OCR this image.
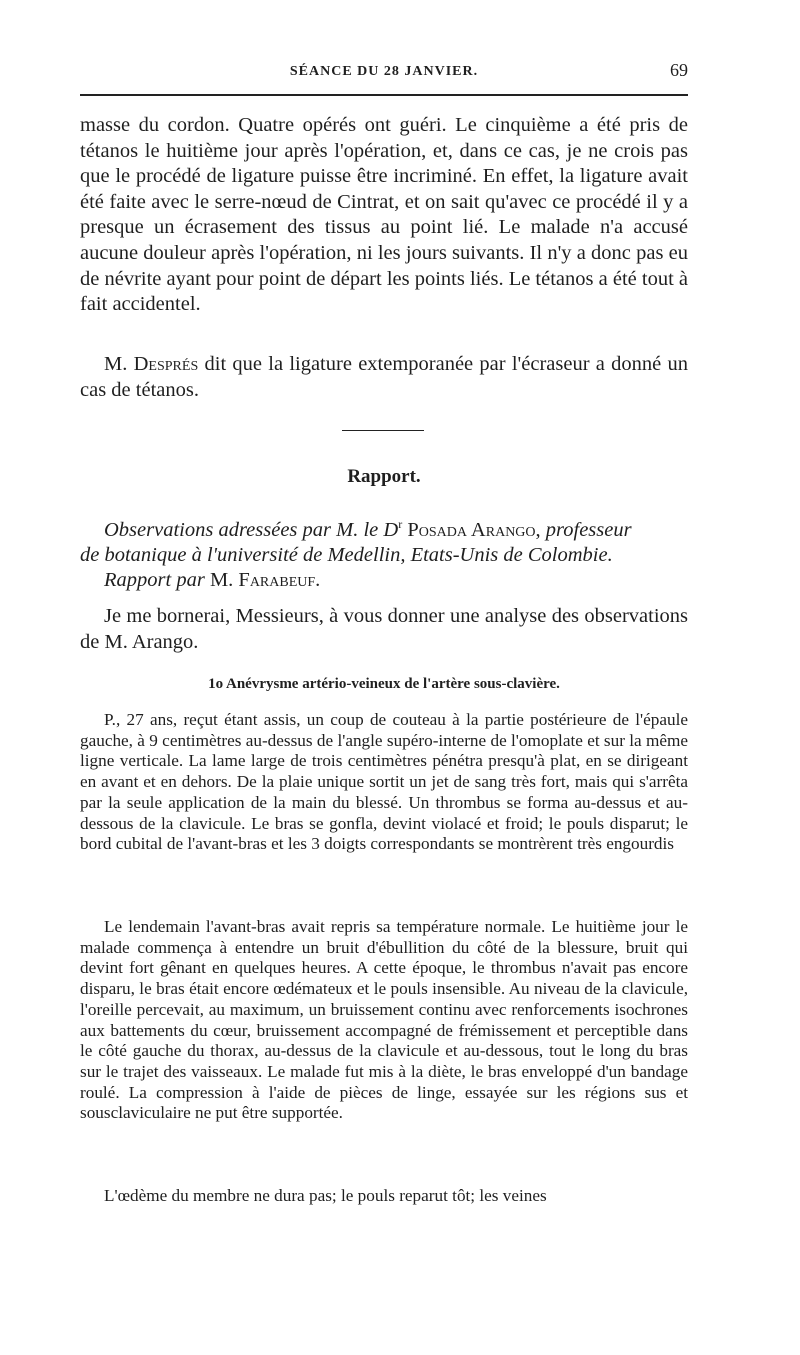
SÉANCE DU 28 JANVIER.	69

masse du cordon. Quatre opérés ont guéri. Le cinquième a été pris de tétanos le huitième jour après l'opération, et, dans ce cas, je ne crois pas que le procédé de ligature puisse être incriminé. En effet, la ligature avait été faite avec le serre-nœud de Cintrat, et on sait qu'avec ce procédé il y a presque un écrasement des tissus au point lié. Le malade n'a accusé aucune douleur après l'opération, ni les jours suivants. Il n'y a donc pas eu de névrite ayant pour point de départ les points liés. Le tétanos a été tout à fait accidentel.

M. Després dit que la ligature extemporanée par l'écraseur a donné un cas de tétanos.

Rapport.
Observations adressées par M. le $D^r$ Posada Arango, professeur
de botanique à l'université de Medellin, Etats-Unis de Colombie.
Rapport par M. Farabeuf.

Je me bornerai, Messieurs, à vous donner une analyse des observations de M. Arango.

1o Anévrysme artério-veineux de l'artère sous-clavière.

P., 27 ans, reçut étant assis, un coup de couteau à la partie postérieure de l'épaule gauche, à 9 centimètres au-dessus de l'angle supéro-interne de l'omoplate et sur la même ligne verticale. La lame large de trois centimètres pénétra presqu'à plat, en se dirigeant en avant et en dehors. De la plaie unique sortit un jet de sang très fort, mais qui s'arrêta par la seule application de la main du blessé. Un thrombus se forma au-dessus et au-dessous de la clavicule. Le bras se gonfla, devint violacé et froid; le pouls disparut; le bord cubital de l'avant-bras et les 3 doigts correspondants se montrèrent très engourdis

Le lendemain l'avant-bras avait repris sa température normale. Le huitième jour le malade commença à entendre un bruit d'ébullition du côté de la blessure, bruit qui devint fort gênant en quelques heures. A cette époque, le thrombus n'avait pas encore disparu, le bras était encore œdémateux et le pouls insensible. Au niveau de la clavicule, l'oreille percevait, au maximum, un bruissement continu avec renforcements isochrones aux battements du cœur, bruissement accompagné de frémissement et perceptible dans le côté gauche du thorax, au-dessus de la clavicule et au-dessous, tout le long du bras sur le trajet des vaisseaux. Le malade fut mis à la diète, le bras enveloppé d'un bandage roulé. La compression à l'aide de pièces de linge, essayée sur les régions sus et sousclaviculaire ne put être supportée.

L'œdème du membre ne dura pas; le pouls reparut tôt; les veines
